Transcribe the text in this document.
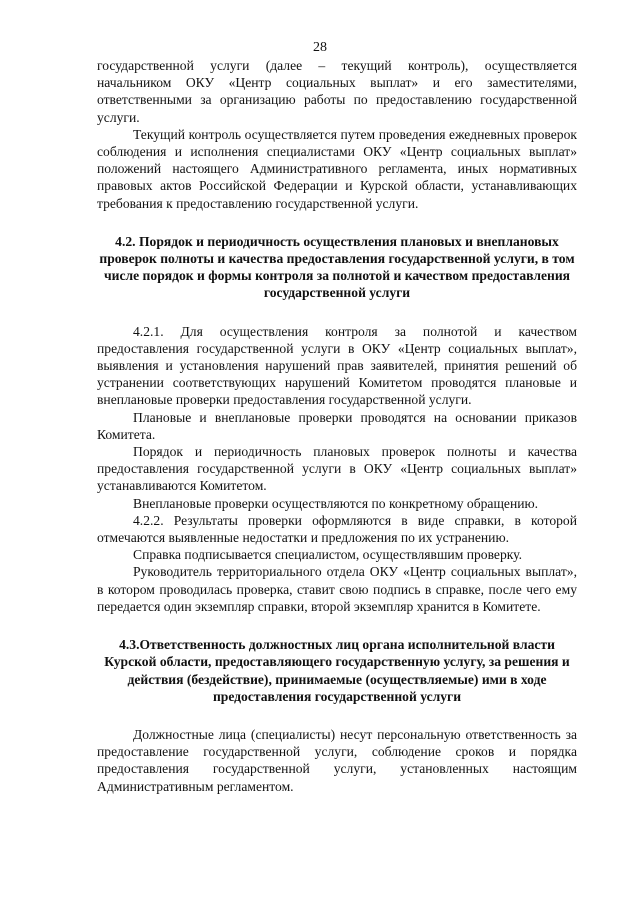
28

государственной услуги (далее – текущий контроль), осуществляется начальником ОКУ «Центр социальных выплат» и его заместителями, ответственными за организацию работы по предоставлению государственной услуги.

Текущий контроль осуществляется путем проведения ежедневных проверок соблюдения и исполнения специалистами ОКУ «Центр социальных выплат» положений настоящего Административного регламента, иных нормативных правовых актов Российской Федерации и Курской области, устанавливающих требования к предоставлению государственной услуги.

4.2. Порядок и периодичность осуществления плановых и внеплановых проверок полноты и качества предоставления государственной услуги, в том числе порядок и формы контроля за полнотой и качеством предоставления государственной услуги

4.2.1. Для осуществления контроля за полнотой и качеством предоставления государственной услуги в ОКУ «Центр социальных выплат», выявления и установления нарушений прав заявителей, принятия решений об устранении соответствующих нарушений Комитетом проводятся плановые и внеплановые проверки предоставления государственной услуги.

Плановые и внеплановые проверки проводятся на основании приказов Комитета.

Порядок и периодичность плановых проверок полноты и качества предоставления государственной услуги в ОКУ «Центр социальных выплат» устанавливаются Комитетом.

Внеплановые проверки осуществляются по конкретному обращению.

4.2.2. Результаты проверки оформляются в виде справки, в которой отмечаются выявленные недостатки и предложения по их устранению.

Справка подписывается специалистом, осуществлявшим проверку.

Руководитель территориального отдела ОКУ «Центр социальных выплат», в котором проводилась проверка, ставит свою подпись в справке, после чего ему передается один экземпляр справки, второй экземпляр хранится в Комитете.

4.3.Ответственность должностных лиц органа исполнительной власти Курской области, предоставляющего государственную услугу, за решения и действия (бездействие), принимаемые (осуществляемые) ими в ходе предоставления государственной услуги

Должностные лица (специалисты) несут персональную ответственность за предоставление государственной услуги, соблюдение сроков и порядка предоставления государственной услуги, установленных настоящим Административным регламентом.
